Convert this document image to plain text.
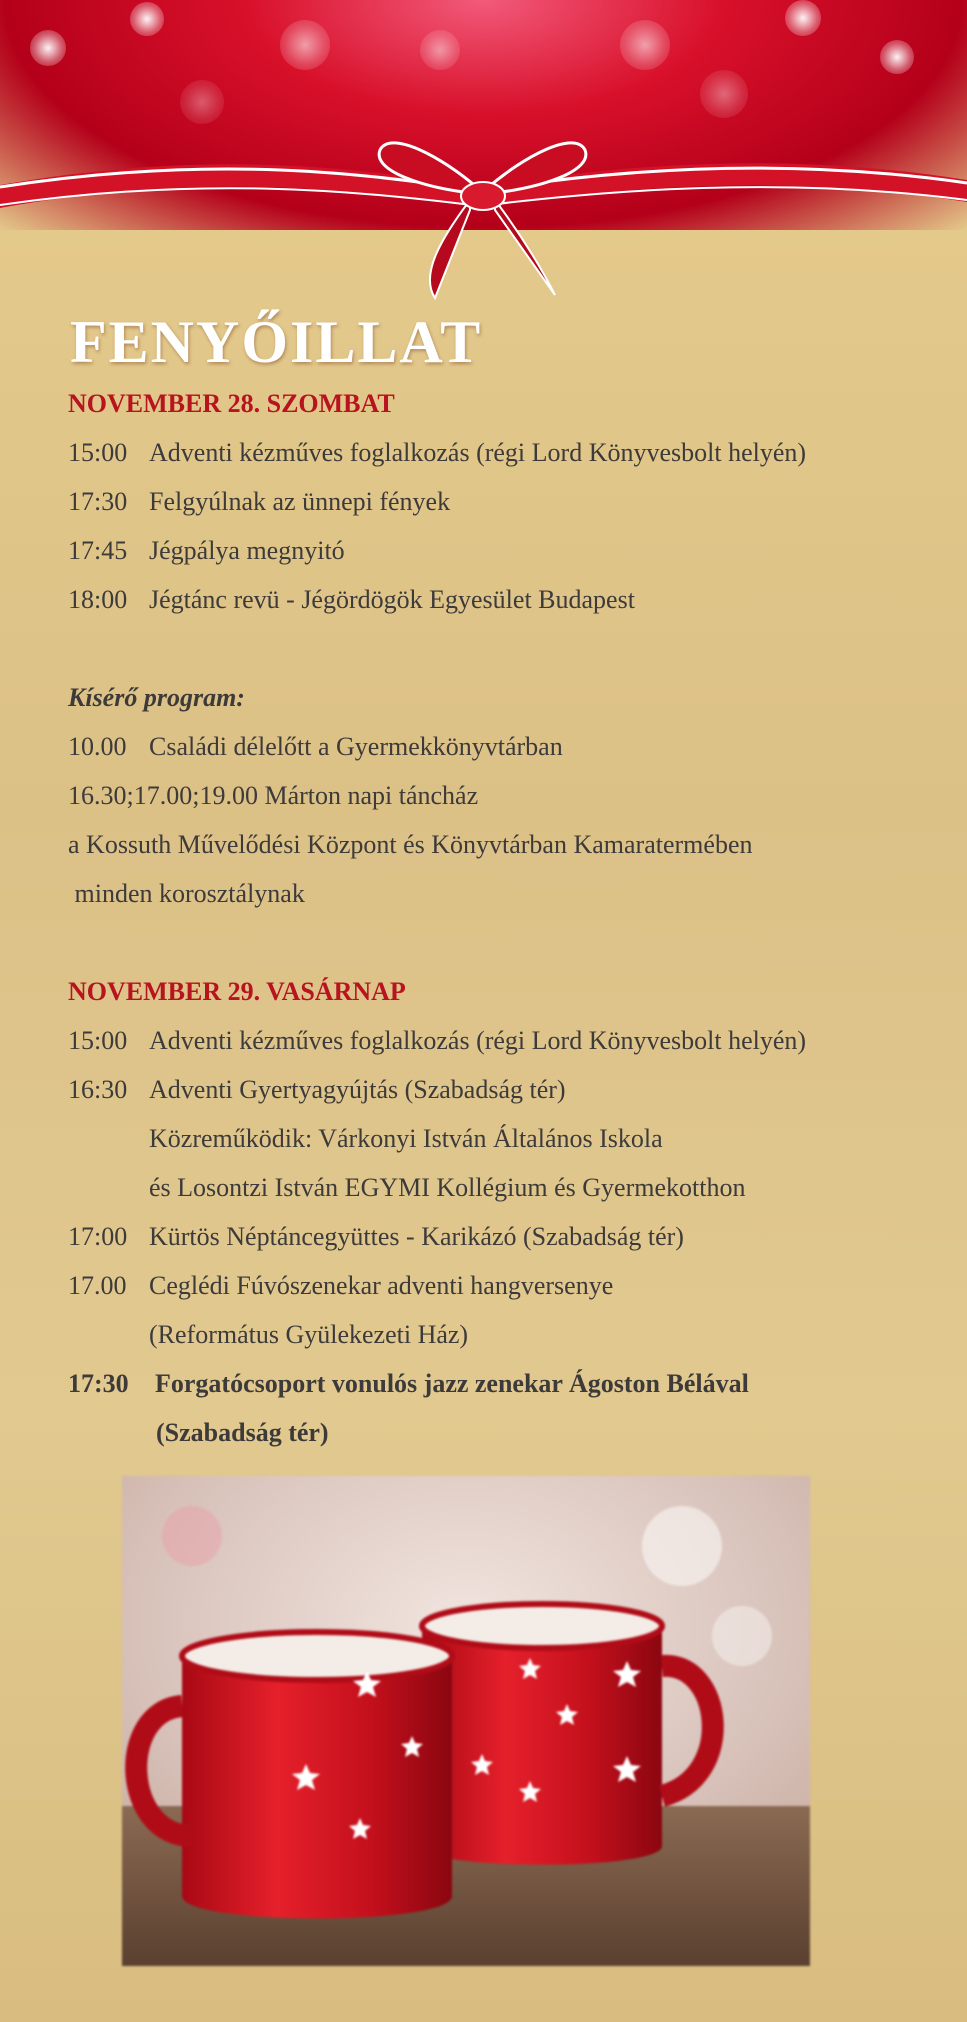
FENYŐILLAT
NOVEMBER 28. SZOMBAT
15:00 Adventi kézműves foglalkozás (régi Lord Könyvesbolt helyén)
17:30 Felgyúlnak az ünnepi fények
17:45 Jégpálya megnyitó
18:00 Jégtánc revü - Jégördögök Egyesület Budapest
Kísérő program:
10.00 Családi délelőtt a Gyermekkönyvtárban
16.30;17.00;19.00 Márton napi táncház
a Kossuth Művelődési Központ és Könyvtárban Kamaratermében
minden korosztálynak
NOVEMBER 29. VASÁRNAP
15:00 Adventi kézműves foglalkozás (régi Lord Könyvesbolt helyén)
16:30 Adventi Gyertyagyújtás (Szabadság tér)
Közreműködik: Várkonyi István Általános Iskola
és Losontzi István EGYMI Kollégium és Gyermekotthon
17:00 Kürtös Néptáncegyüttes - Karikázó (Szabadság tér)
17.00 Ceglédi Fúvószenekar adventi hangversenye
(Református Gyülekezeti Ház)
17:30 Forgatócsoport vonulós jazz zenekar Ágoston Bélával
(Szabadság tér)
